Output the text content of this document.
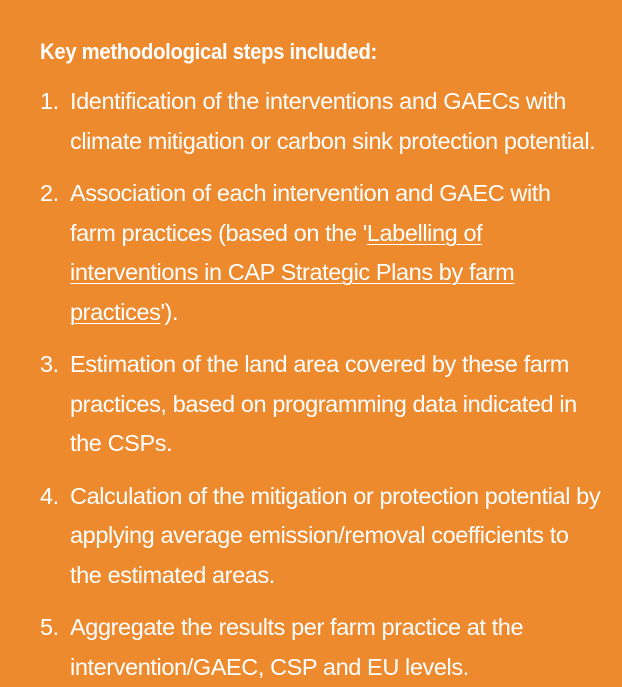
Key methodological steps included:
1. Identification of the interventions and GAECs with climate mitigation or carbon sink protection potential.
2. Association of each intervention and GAEC with farm practices (based on the 'Labelling of interventions in CAP Strategic Plans by farm practices').
3. Estimation of the land area covered by these farm practices, based on programming data indicated in the CSPs.
4. Calculation of the mitigation or protection potential by applying average emission/removal coefficients to the estimated areas.
5. Aggregate the results per farm practice at the intervention/GAEC, CSP and EU levels.
